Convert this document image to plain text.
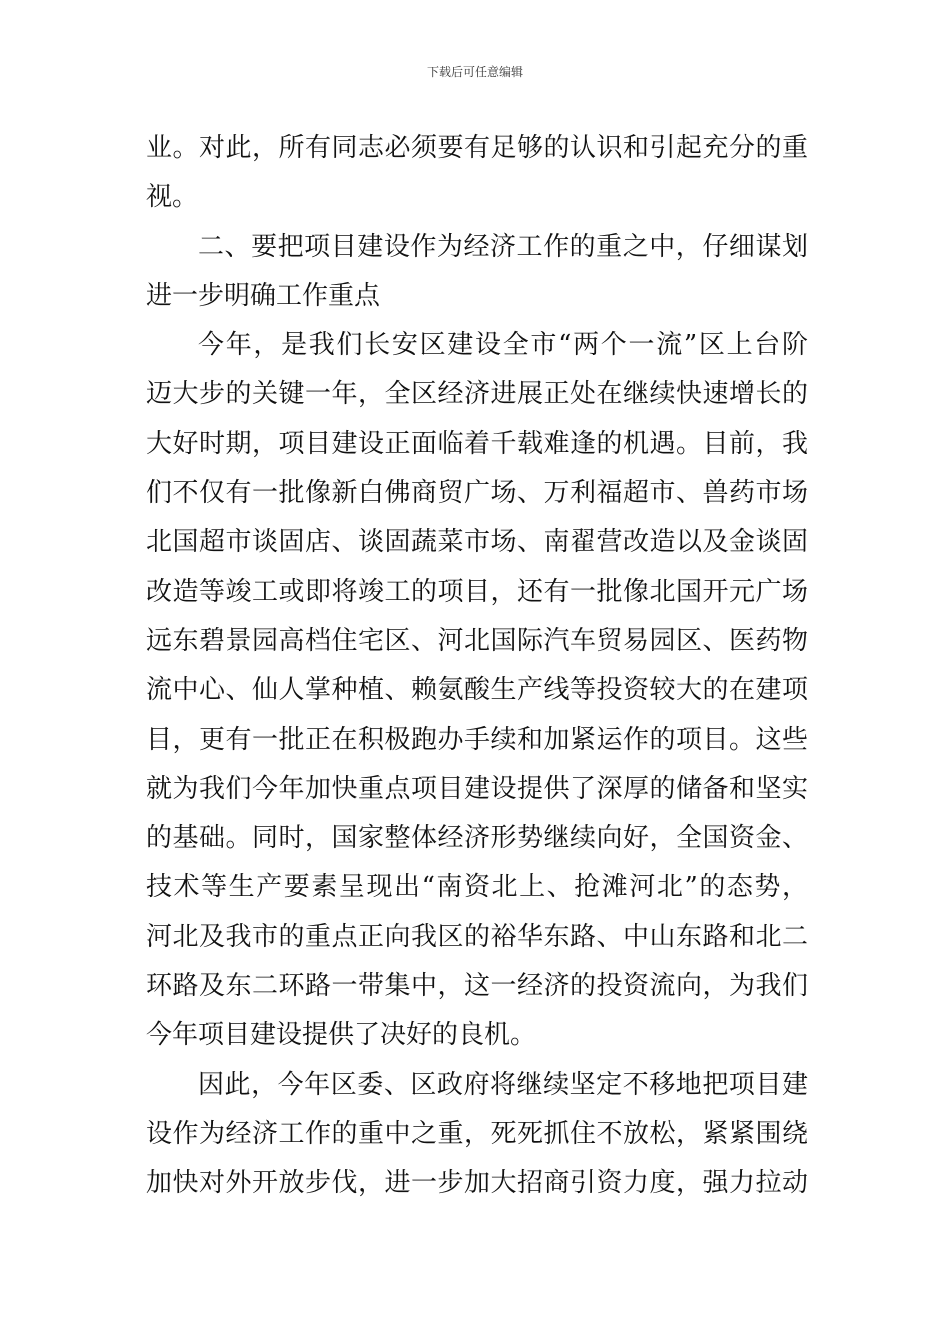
下载后可任意编辑
业。对此，所有同志必须要有足够的认识和引起充分的重
视。
二、要把项目建设作为经济工作的重之中，仔细谋划
进一步明确工作重点
今年，是我们长安区建设全市“两个一流”区上台阶
迈大步的关键一年，全区经济进展正处在继续快速增长的
大好时期，项目建设正面临着千载难逢的机遇。目前，我
们不仅有一批像新白佛商贸广场、万利福超市、兽药市场
北国超市谈固店、谈固蔬菜市场、南翟营改造以及金谈固
改造等竣工或即将竣工的项目，还有一批像北国开元广场
远东碧景园高档住宅区、河北国际汽车贸易园区、医药物
流中心、仙人掌种植、赖氨酸生产线等投资较大的在建项
目，更有一批正在积极跑办手续和加紧运作的项目。这些
就为我们今年加快重点项目建设提供了深厚的储备和坚实
的基础。同时，国家整体经济形势继续向好，全国资金、
技术等生产要素呈现出“南资北上、抢滩河北”的态势，
河北及我市的重点正向我区的裕华东路、中山东路和北二
环路及东二环路一带集中，这一经济的投资流向，为我们
今年项目建设提供了决好的良机。
因此，今年区委、区政府将继续坚定不移地把项目建
设作为经济工作的重中之重，死死抓住不放松，紧紧围绕
加快对外开放步伐，进一步加大招商引资力度，强力拉动
